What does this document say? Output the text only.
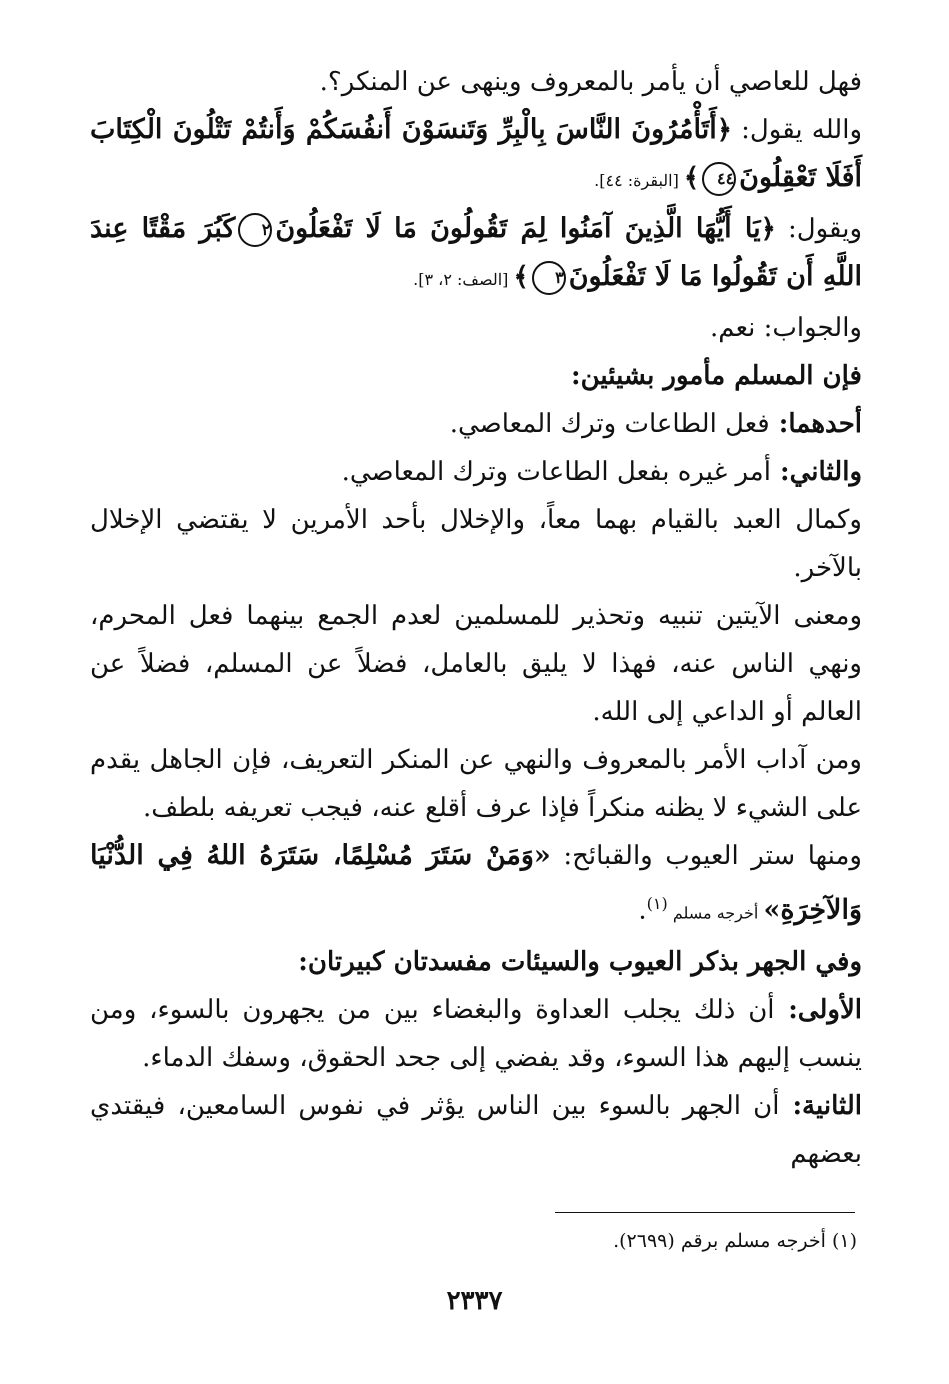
فهل للعاصي أن يأمر بالمعروف وينهى عن المنكر؟.

والله يقول: ﴿أَتَأْمُرُونَ النَّاسَ بِالْبِرِّ وَتَنسَوْنَ أَنفُسَكُمْ وَأَنتُمْ تَتْلُونَ الْكِتَابَ أَفَلَا تَعْقِلُونَ٤٤﴾ [البقرة: ٤٤].

ويقول: ﴿يَا أَيُّهَا الَّذِينَ آمَنُوا لِمَ تَقُولُونَ مَا لَا تَفْعَلُونَ٢كَبُرَ مَقْتًا عِندَ اللَّهِ أَن تَقُولُوا مَا لَا تَفْعَلُونَ٣﴾ [الصف: ٢، ٣].

والجواب: نعم.

فإن المسلم مأمور بشيئين:

أحدهما: فعل الطاعات وترك المعاصي.

والثاني: أمر غيره بفعل الطاعات وترك المعاصي.

وكمال العبد بالقيام بهما معاً، والإخلال بأحد الأمرين لا يقتضي الإخلال بالآخر.

ومعنى الآيتين تنبيه وتحذير للمسلمين لعدم الجمع بينهما فعل المحرم، ونهي الناس عنه، فهذا لا يليق بالعامل، فضلاً عن المسلم، فضلاً عن العالم أو الداعي إلى الله.

ومن آداب الأمر بالمعروف والنهي عن المنكر التعريف، فإن الجاهل يقدم على الشيء لا يظنه منكراً فإذا عرف أقلع عنه، فيجب تعريفه بلطف.

ومنها ستر العيوب والقبائح: «وَمَنْ سَتَرَ مُسْلِمًا، سَتَرَهُ اللهُ فِي الدُّنْيَا وَالآخِرَةِ» أخرجه مسلم $^{(١)}$.

وفي الجهر بذكر العيوب والسيئات مفسدتان كبيرتان:

الأولى: أن ذلك يجلب العداوة والبغضاء بين من يجهرون بالسوء، ومن ينسب إليهم هذا السوء، وقد يفضي إلى جحد الحقوق، وسفك الدماء.

الثانية: أن الجهر بالسوء بين الناس يؤثر في نفوس السامعين، فيقتدي بعضهم

(١) أخرجه مسلم برقم (٢٦٩٩).
٢٣٣٧
